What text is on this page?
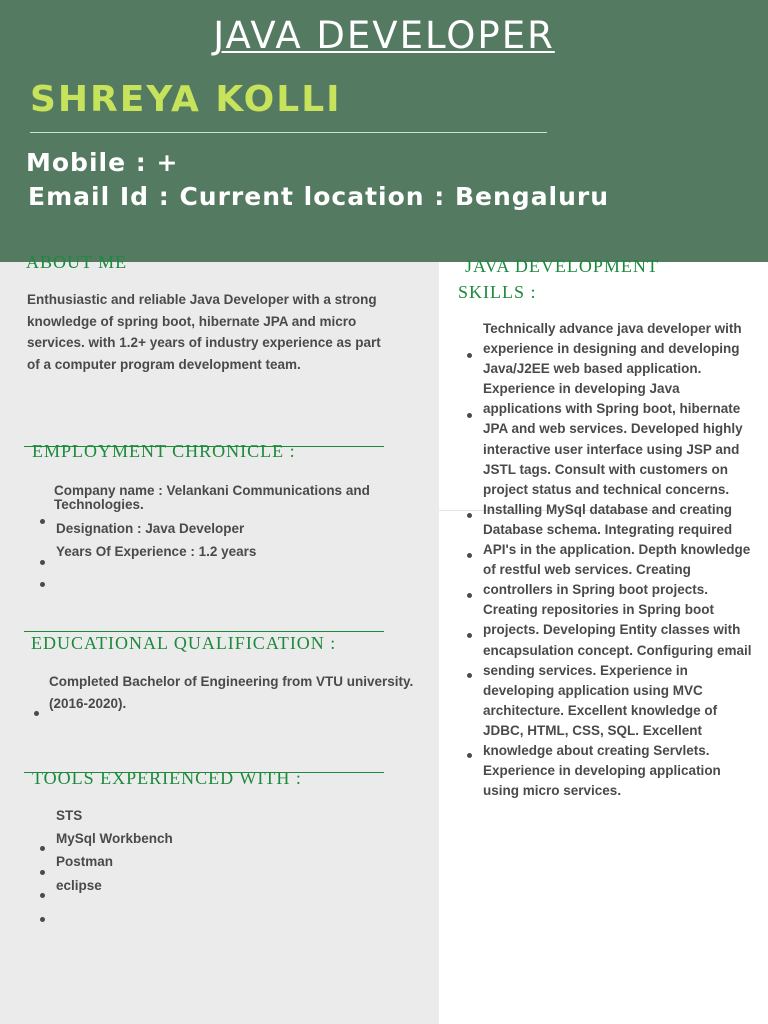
JAVA DEVELOPER
SHREYA KOLLI
Mobile : +
Email Id : Current location : Bengaluru
ABOUT ME
Enthusiastic and reliable Java Developer with a strong knowledge of spring boot, hibernate JPA and micro services. with 1.2+ years of industry experience as part of a computer program development team.
EMPLOYMENT CHRONICLE :
Company name : Velankani Communications and
Technologies.
Designation : Java Developer
Years Of Experience : 1.2 years
EDUCATIONAL QUALIFICATION :
Completed Bachelor of Engineering from VTU university.
(2016-2020).
TOOLS EXPERIENCED WITH :
STS
MySql Workbench
Postman
eclipse
JAVA DEVELOPMENT
SKILLS :

Technically advance java developer with experience in designing and developing Java/J2EE web based application. Experience in developing Java applications with Spring boot, hibernate JPA and web services. Developed highly interactive user interface using JSP and JSTL tags. Consult with customers on project status and technical concerns. Installing MySql database and creating Database schema. Integrating required API's in the application. Depth knowledge of restful web services. Creating controllers in Spring boot projects. Creating repositories in Spring boot projects. Developing Entity classes with encapsulation concept. Configuring email sending services. Experience in developing application using MVC architecture. Excellent knowledge of JDBC, HTML, CSS, SQL. Excellent knowledge about creating Servlets. Experience in developing application using micro services.
